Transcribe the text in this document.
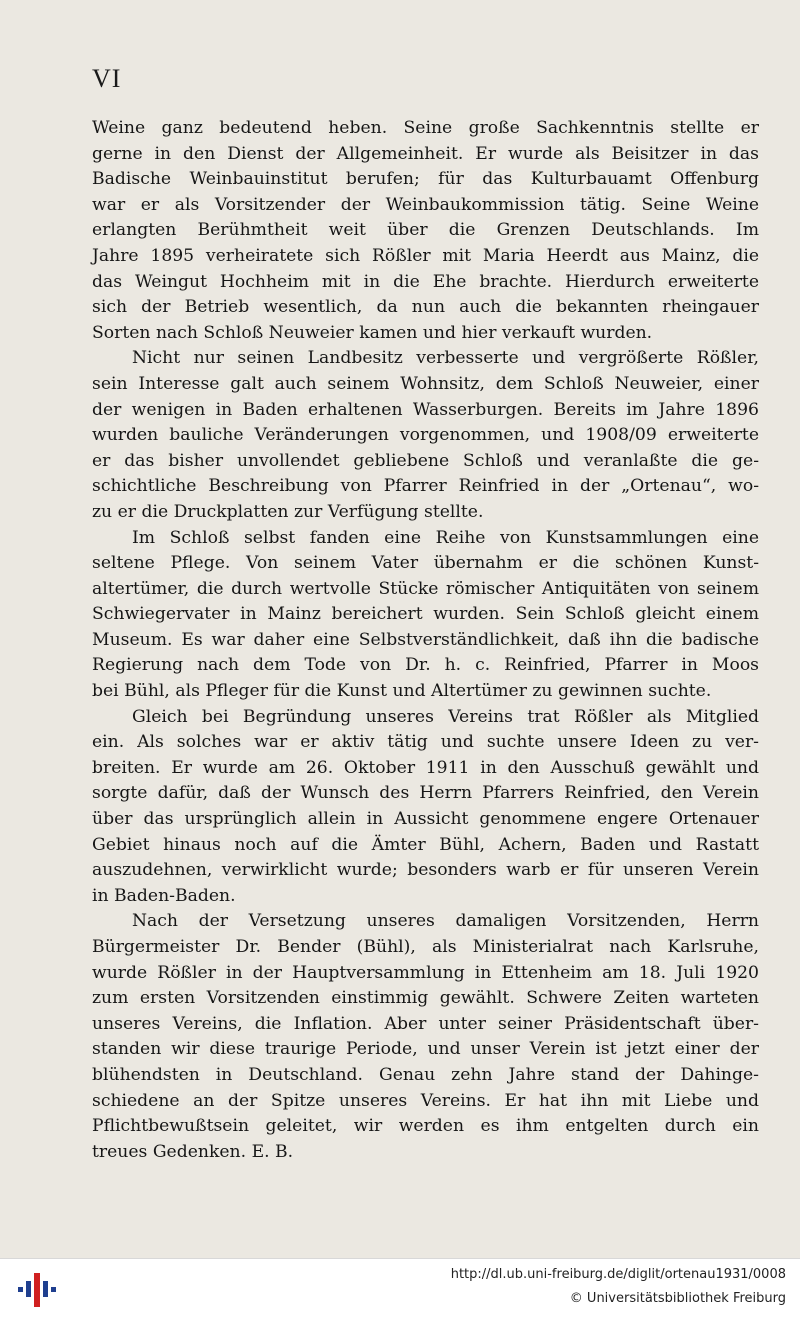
VI

Weine ganz bedeutend heben. Seine große Sachkenntnis stellte er
gerne in den Dienst der Allgemeinheit. Er wurde als Beisitzer in das
Badische Weinbauinstitut berufen; für das Kulturbauamt Offenburg
war er als Vorsitzender der Weinbaukommission tätig. Seine Weine
erlangten Berühmtheit weit über die Grenzen Deutschlands. Im
Jahre 1895 verheiratete sich Rößler mit Maria Heerdt aus Mainz, die
das Weingut Hochheim mit in die Ehe brachte. Hierdurch erweiterte
sich der Betrieb wesentlich, da nun auch die bekannten rheingauer
Sorten nach Schloß Neuweier kamen und hier verkauft wurden.

Nicht nur seinen Landbesitz verbesserte und vergrößerte Rößler,
sein Interesse galt auch seinem Wohnsitz, dem Schloß Neuweier, einer
der wenigen in Baden erhaltenen Wasserburgen. Bereits im Jahre 1896
wurden bauliche Veränderungen vorgenommen, und 1908/09 erweiterte
er das bisher unvollendet gebliebene Schloß und veranlaßte die ge-
schichtliche Beschreibung von Pfarrer Reinfried in der „Ortenau“, wo-
zu er die Druckplatten zur Verfügung stellte.

Im Schloß selbst fanden eine Reihe von Kunstsammlungen eine
seltene Pflege. Von seinem Vater übernahm er die schönen Kunst-
altertümer, die durch wertvolle Stücke römischer Antiquitäten von seinem
Schwiegervater in Mainz bereichert wurden. Sein Schloß gleicht einem
Museum. Es war daher eine Selbstverständlichkeit, daß ihn die badische
Regierung nach dem Tode von Dr. h. c. Reinfried, Pfarrer in Moos
bei Bühl, als Pfleger für die Kunst und Altertümer zu gewinnen suchte.

Gleich bei Begründung unseres Vereins trat Rößler als Mitglied
ein. Als solches war er aktiv tätig und suchte unsere Ideen zu ver-
breiten. Er wurde am 26. Oktober 1911 in den Ausschuß gewählt und
sorgte dafür, daß der Wunsch des Herrn Pfarrers Reinfried, den Verein
über das ursprünglich allein in Aussicht genommene engere Ortenauer
Gebiet hinaus noch auf die Ämter Bühl, Achern, Baden und Rastatt
auszudehnen, verwirklicht wurde; besonders warb er für unseren Verein
in Baden-Baden.

Nach der Versetzung unseres damaligen Vorsitzenden, Herrn
Bürgermeister Dr. Bender (Bühl), als Ministerialrat nach Karlsruhe,
wurde Rößler in der Hauptversammlung in Ettenheim am 18. Juli 1920
zum ersten Vorsitzenden einstimmig gewählt. Schwere Zeiten warteten
unseres Vereins, die Inflation. Aber unter seiner Präsidentschaft über-
standen wir diese traurige Periode, und unser Verein ist jetzt einer der
blühendsten in Deutschland. Genau zehn Jahre stand der Dahinge-
schiedene an der Spitze unseres Vereins. Er hat ihn mit Liebe und
Pflichtbewußtsein geleitet, wir werden es ihm entgelten durch ein
treues Gedenken. E. B.

http://dl.ub.uni-freiburg.de/diglit/ortenau1931/0008
© Universitätsbibliothek Freiburg
